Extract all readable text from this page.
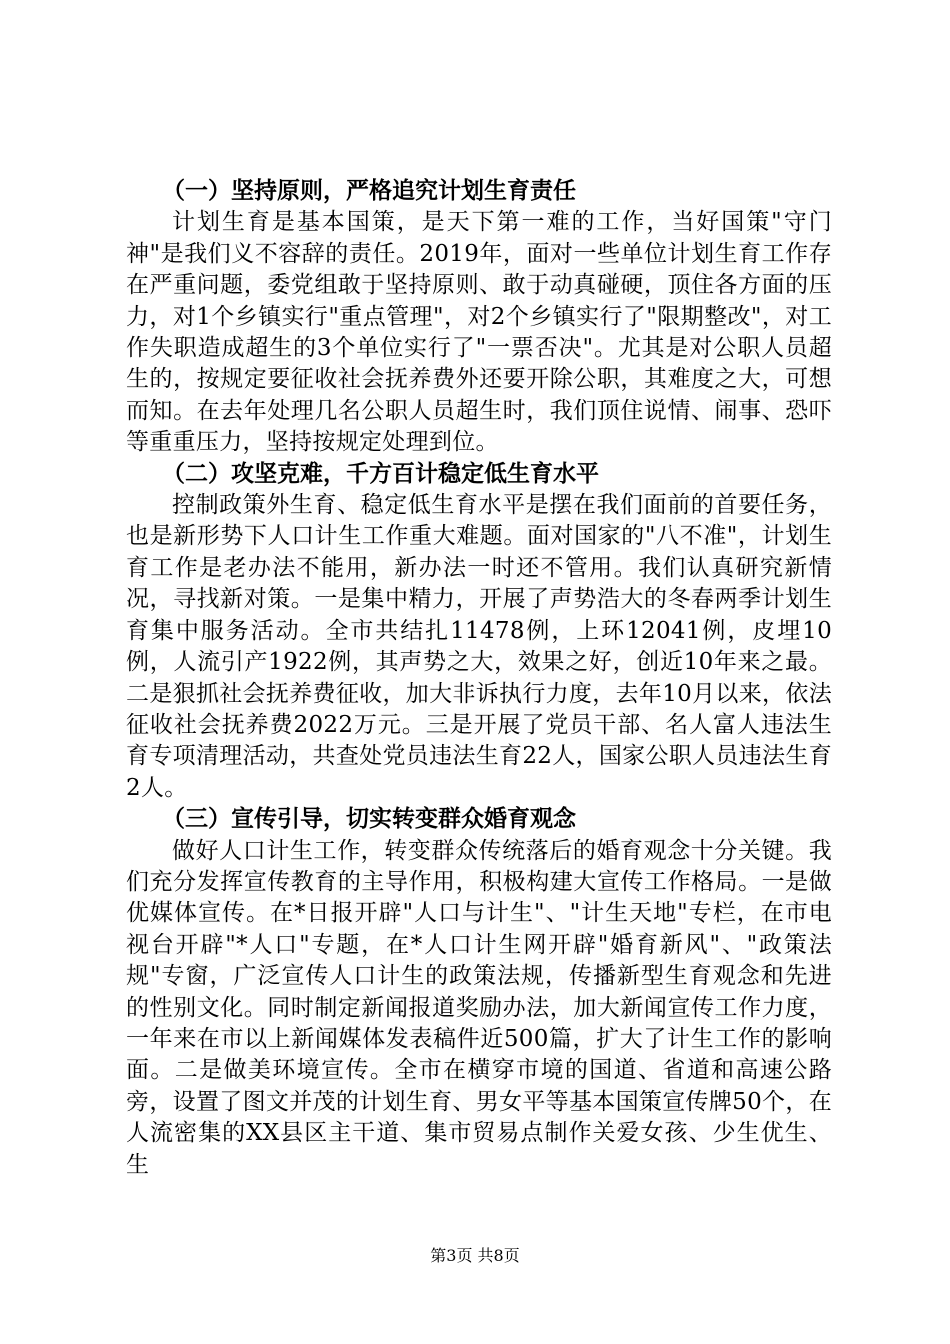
（一）坚持原则，严格追究计划生育责任

计划生育是基本国策，是天下第一难的工作，当好国策"守门神"是我们义不容辞的责任。2019年，面对一些单位计划生育工作存在严重问题，委党组敢于坚持原则、敢于动真碰硬，顶住各方面的压力，对1个乡镇实行"重点管理"，对2个乡镇实行了"限期整改"，对工作失职造成超生的3个单位实行了"一票否决"。尤其是对公职人员超生的，按规定要征收社会抚养费外还要开除公职，其难度之大，可想而知。在去年处理几名公职人员超生时，我们顶住说情、闹事、恐吓等重重压力，坚持按规定处理到位。

（二）攻坚克难，千方百计稳定低生育水平

控制政策外生育、稳定低生育水平是摆在我们面前的首要任务，也是新形势下人口计生工作重大难题。面对国家的"八不准"，计划生育工作是老办法不能用，新办法一时还不管用。我们认真研究新情况，寻找新对策。一是集中精力，开展了声势浩大的冬春两季计划生育集中服务活动。全市共结扎11478例，上环12041例，皮埋10例，人流引产1922例，其声势之大，效果之好，创近10年来之最。二是狠抓社会抚养费征收，加大非诉执行力度，去年10月以来，依法征收社会抚养费2022万元。三是开展了党员干部、名人富人违法生育专项清理活动，共查处党员违法生育22人，国家公职人员违法生育2人。

（三）宣传引导，切实转变群众婚育观念

做好人口计生工作，转变群众传统落后的婚育观念十分关键。我们充分发挥宣传教育的主导作用，积极构建大宣传工作格局。一是做优媒体宣传。在*日报开辟"人口与计生"、"计生天地"专栏，在市电视台开辟"*人口"专题，在*人口计生网开辟"婚育新风"、"政策法规"专窗，广泛宣传人口计生的政策法规，传播新型生育观念和先进的性别文化。同时制定新闻报道奖励办法，加大新闻宣传工作力度，一年来在市以上新闻媒体发表稿件近500篇，扩大了计生工作的影响面。二是做美环境宣传。全市在横穿市境的国道、省道和高速公路旁，设置了图文并茂的计划生育、男女平等基本国策宣传牌50个，在人流密集的XX县区主干道、集市贸易点制作关爱女孩、少生优生、生

第3页 共8页
